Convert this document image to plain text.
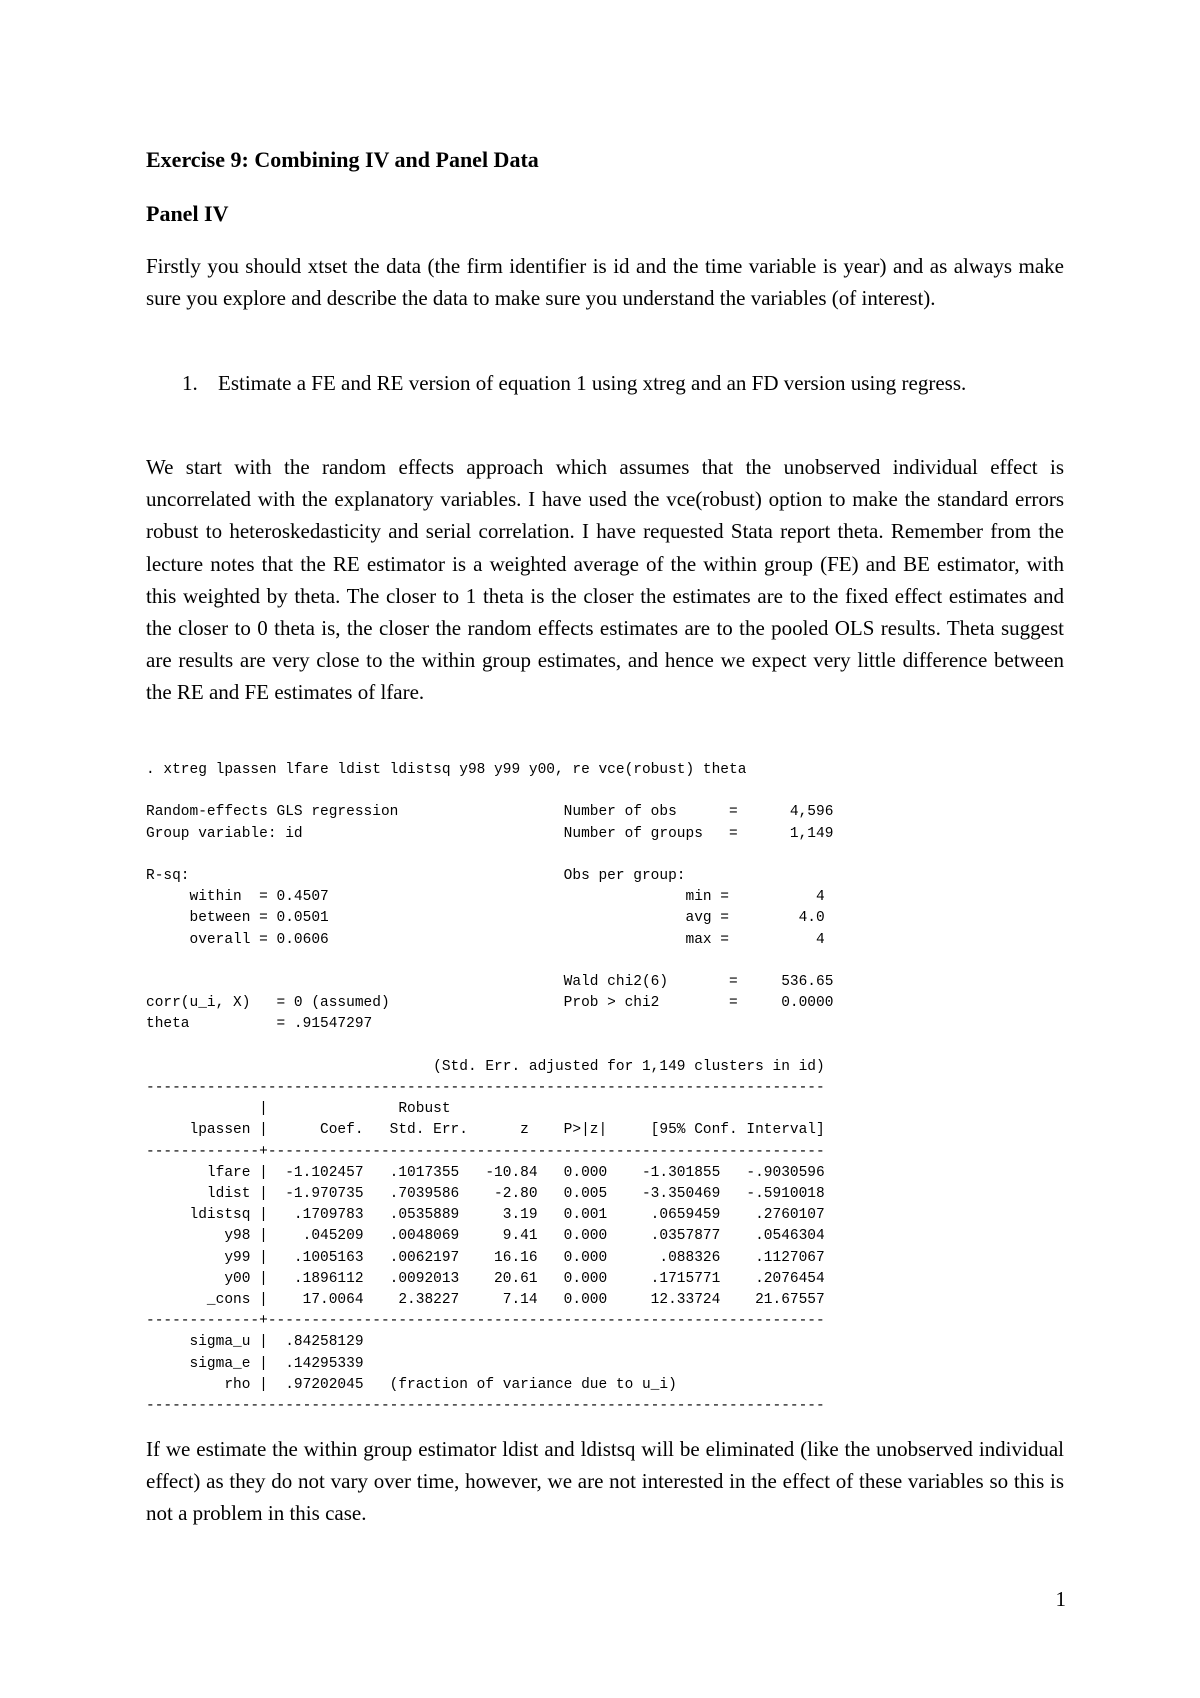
Exercise 9: Combining IV and Panel Data
Panel IV
Firstly you should xtset the data (the firm identifier is id and the time variable is year) and as always make sure you explore and describe the data to make sure you understand the variables (of interest).
1. Estimate a FE and RE version of equation 1 using xtreg and an FD version using regress.
We start with the random effects approach which assumes that the unobserved individual effect is uncorrelated with the explanatory variables. I have used the vce(robust) option to make the standard errors robust to heteroskedasticity and serial correlation. I have requested Stata report theta. Remember from the lecture notes that the RE estimator is a weighted average of the within group (FE) and BE estimator, with this weighted by theta. The closer to 1 theta is the closer the estimates are to the fixed effect estimates and the closer to 0 theta is, the closer the random effects estimates are to the pooled OLS results. Theta suggest are results are very close to the within group estimates, and hence we expect very little difference between the RE and FE estimates of lfare.
. xtreg lpassen lfare ldist ldistsq y98 y99 y00, re vce(robust) theta

Random-effects GLS regression                   Number of obs      =      4,596
Group variable: id                              Number of groups   =      1,149

R-sq:                                           Obs per group:
within  = 0.4507                                         min =          4
between = 0.0501                                         avg =        4.0
overall = 0.0606                                         max =          4

Wald chi2(6)       =     536.65
corr(u_i, X)   = 0 (assumed)                    Prob > chi2        =     0.0000
theta          = .91547297

(Std. Err. adjusted for 1,149 clusters in id)
------------------------------------------------------------------------------
|               Robust
lpassen |      Coef.   Std. Err.      z    P>|z|     [95% Conf. Interval]
-------------+----------------------------------------------------------------
lfare |  -1.102457   .1017355   -10.84   0.000    -1.301855   -.9030596
ldist |  -1.970735   .7039586    -2.80   0.005    -3.350469   -.5910018
ldistsq |   .1709783   .0535889     3.19   0.001     .0659459    .2760107
y98 |    .045209   .0048069     9.41   0.000     .0357877    .0546304
y99 |   .1005163   .0062197    16.16   0.000      .088326    .1127067
y00 |   .1896112   .0092013    20.61   0.000     .1715771    .2076454
_cons |    17.0064    2.38227     7.14   0.000     12.33724    21.67557
-------------+----------------------------------------------------------------
sigma_u |  .84258129
sigma_e |  .14295339
rho |  .97202045   (fraction of variance due to u_i)
------------------------------------------------------------------------------
If we estimate the within group estimator ldist and ldistsq will be eliminated (like the unobserved individual effect) as they do not vary over time, however, we are not interested in the effect of these variables so this is not a problem in this case.
1
